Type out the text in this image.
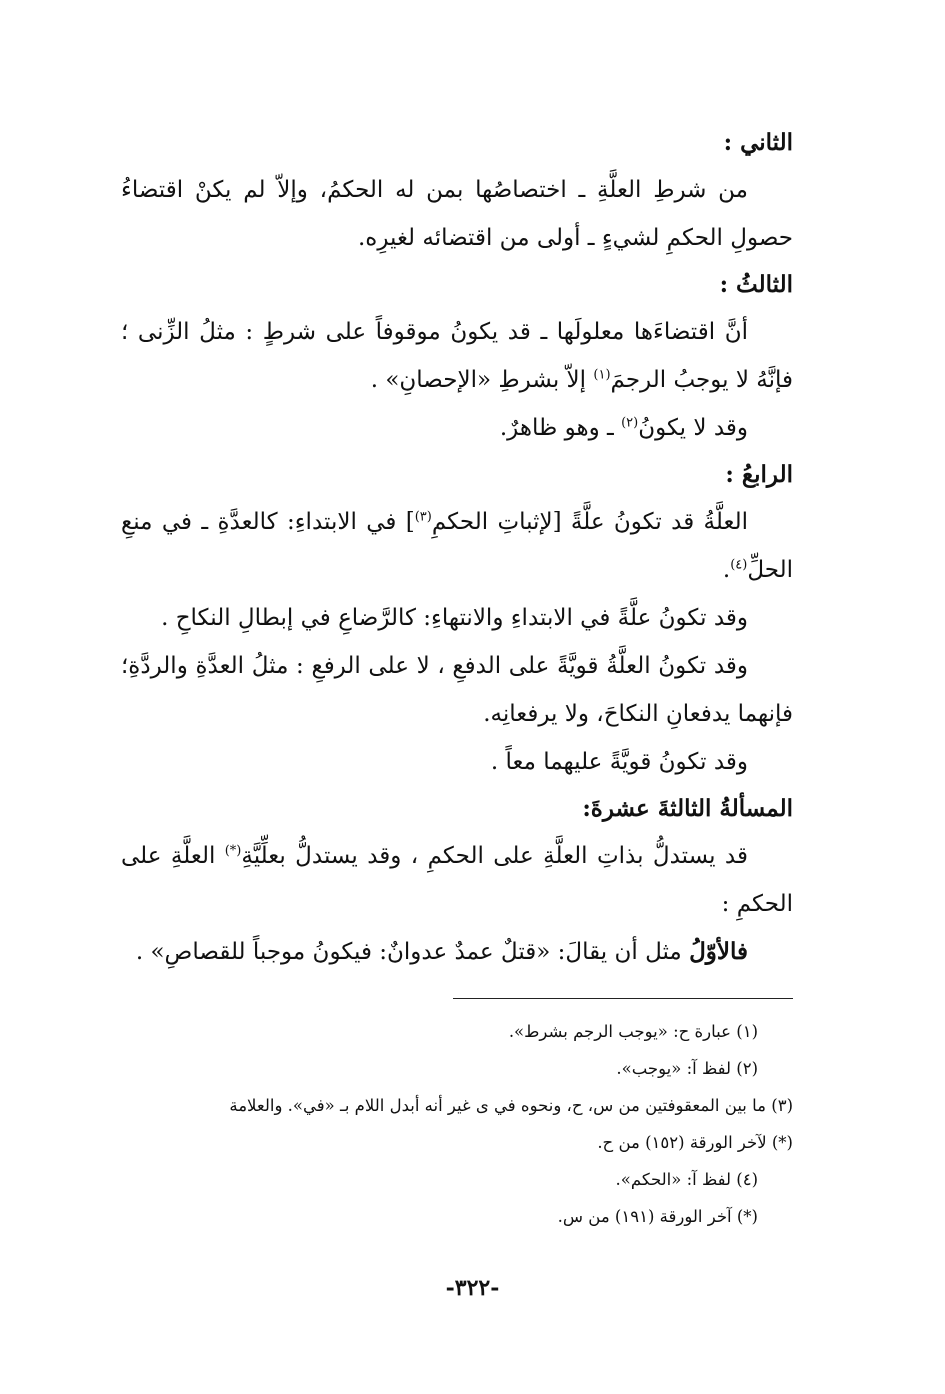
الثاني :

من شرطِ العلَّةِ ـ اختصاصُها بمن له الحكمُ، وإلاّ لم يكنْ اقتضاءُ حصولِ الحكمِ لشيءٍ ـ أولى من اقتضائه لغيرِه.

الثالثُ :

أنَّ اقتضاءَها معلولَها ـ قد يكونُ موقوفاً على شرطٍ : مثلُ الزِّنى ؛فإنَّهُ لا يوجبُ الرجمَ$^{(١)}$ إلاّ بشرطِ «الإحصانِ» .

وقد لا يكونُ$^{(٢)}$ ـ وهو ظاهرٌ.

الرابعُ :

العلَّةُ قد تكونُ علَّةً [لإثباتِ الحكمِ$^{(٣)}$] في الابتداءِ: كالعدَّةِ ـ في منعِ الحلِّ$^{(٤)}$.

وقد تكونُ علَّةً في الابتداءِ والانتهاءِ: كالرَّضاعِ في إبطالِ النكاحِ .

وقد تكونُ العلَّةُ قويَّةً على الدفعِ ، لا على الرفعِ : مثلُ العدَّةِ والردَّةِ؛ فإنهما يدفعانِ النكاحَ، ولا يرفعانِه.

وقد تكونُ قويَّةً عليهما معاً .

المسألةُ الثالثةَ عشرةَ:

قد يستدلُّ بذاتِ العلَّةِ على الحكمِ ، وقد يستدلُّ بعلِّيَّةِ(*) العلَّةِ على الحكمِ :

فالأوّلُ مثل أن يقالَ: «قتلٌ عمدٌ عدوانٌ: فيكونُ موجباً للقصاصِ» .

(١) عبارة ح: «يوجب الرجم بشرط».

(٢) لفظ آ: «يوجب».

(٣) ما بين المعقوفتين من س، ح، ونحوه في ى غير أنه أبدل اللام بـ «في». والعلامة

(*) لآخر الورقة (١٥٢) من ح.

(٤) لفظ آ: «الحكم».

(*) آخر الورقة (١٩١) من س.

-٣٢٢-
